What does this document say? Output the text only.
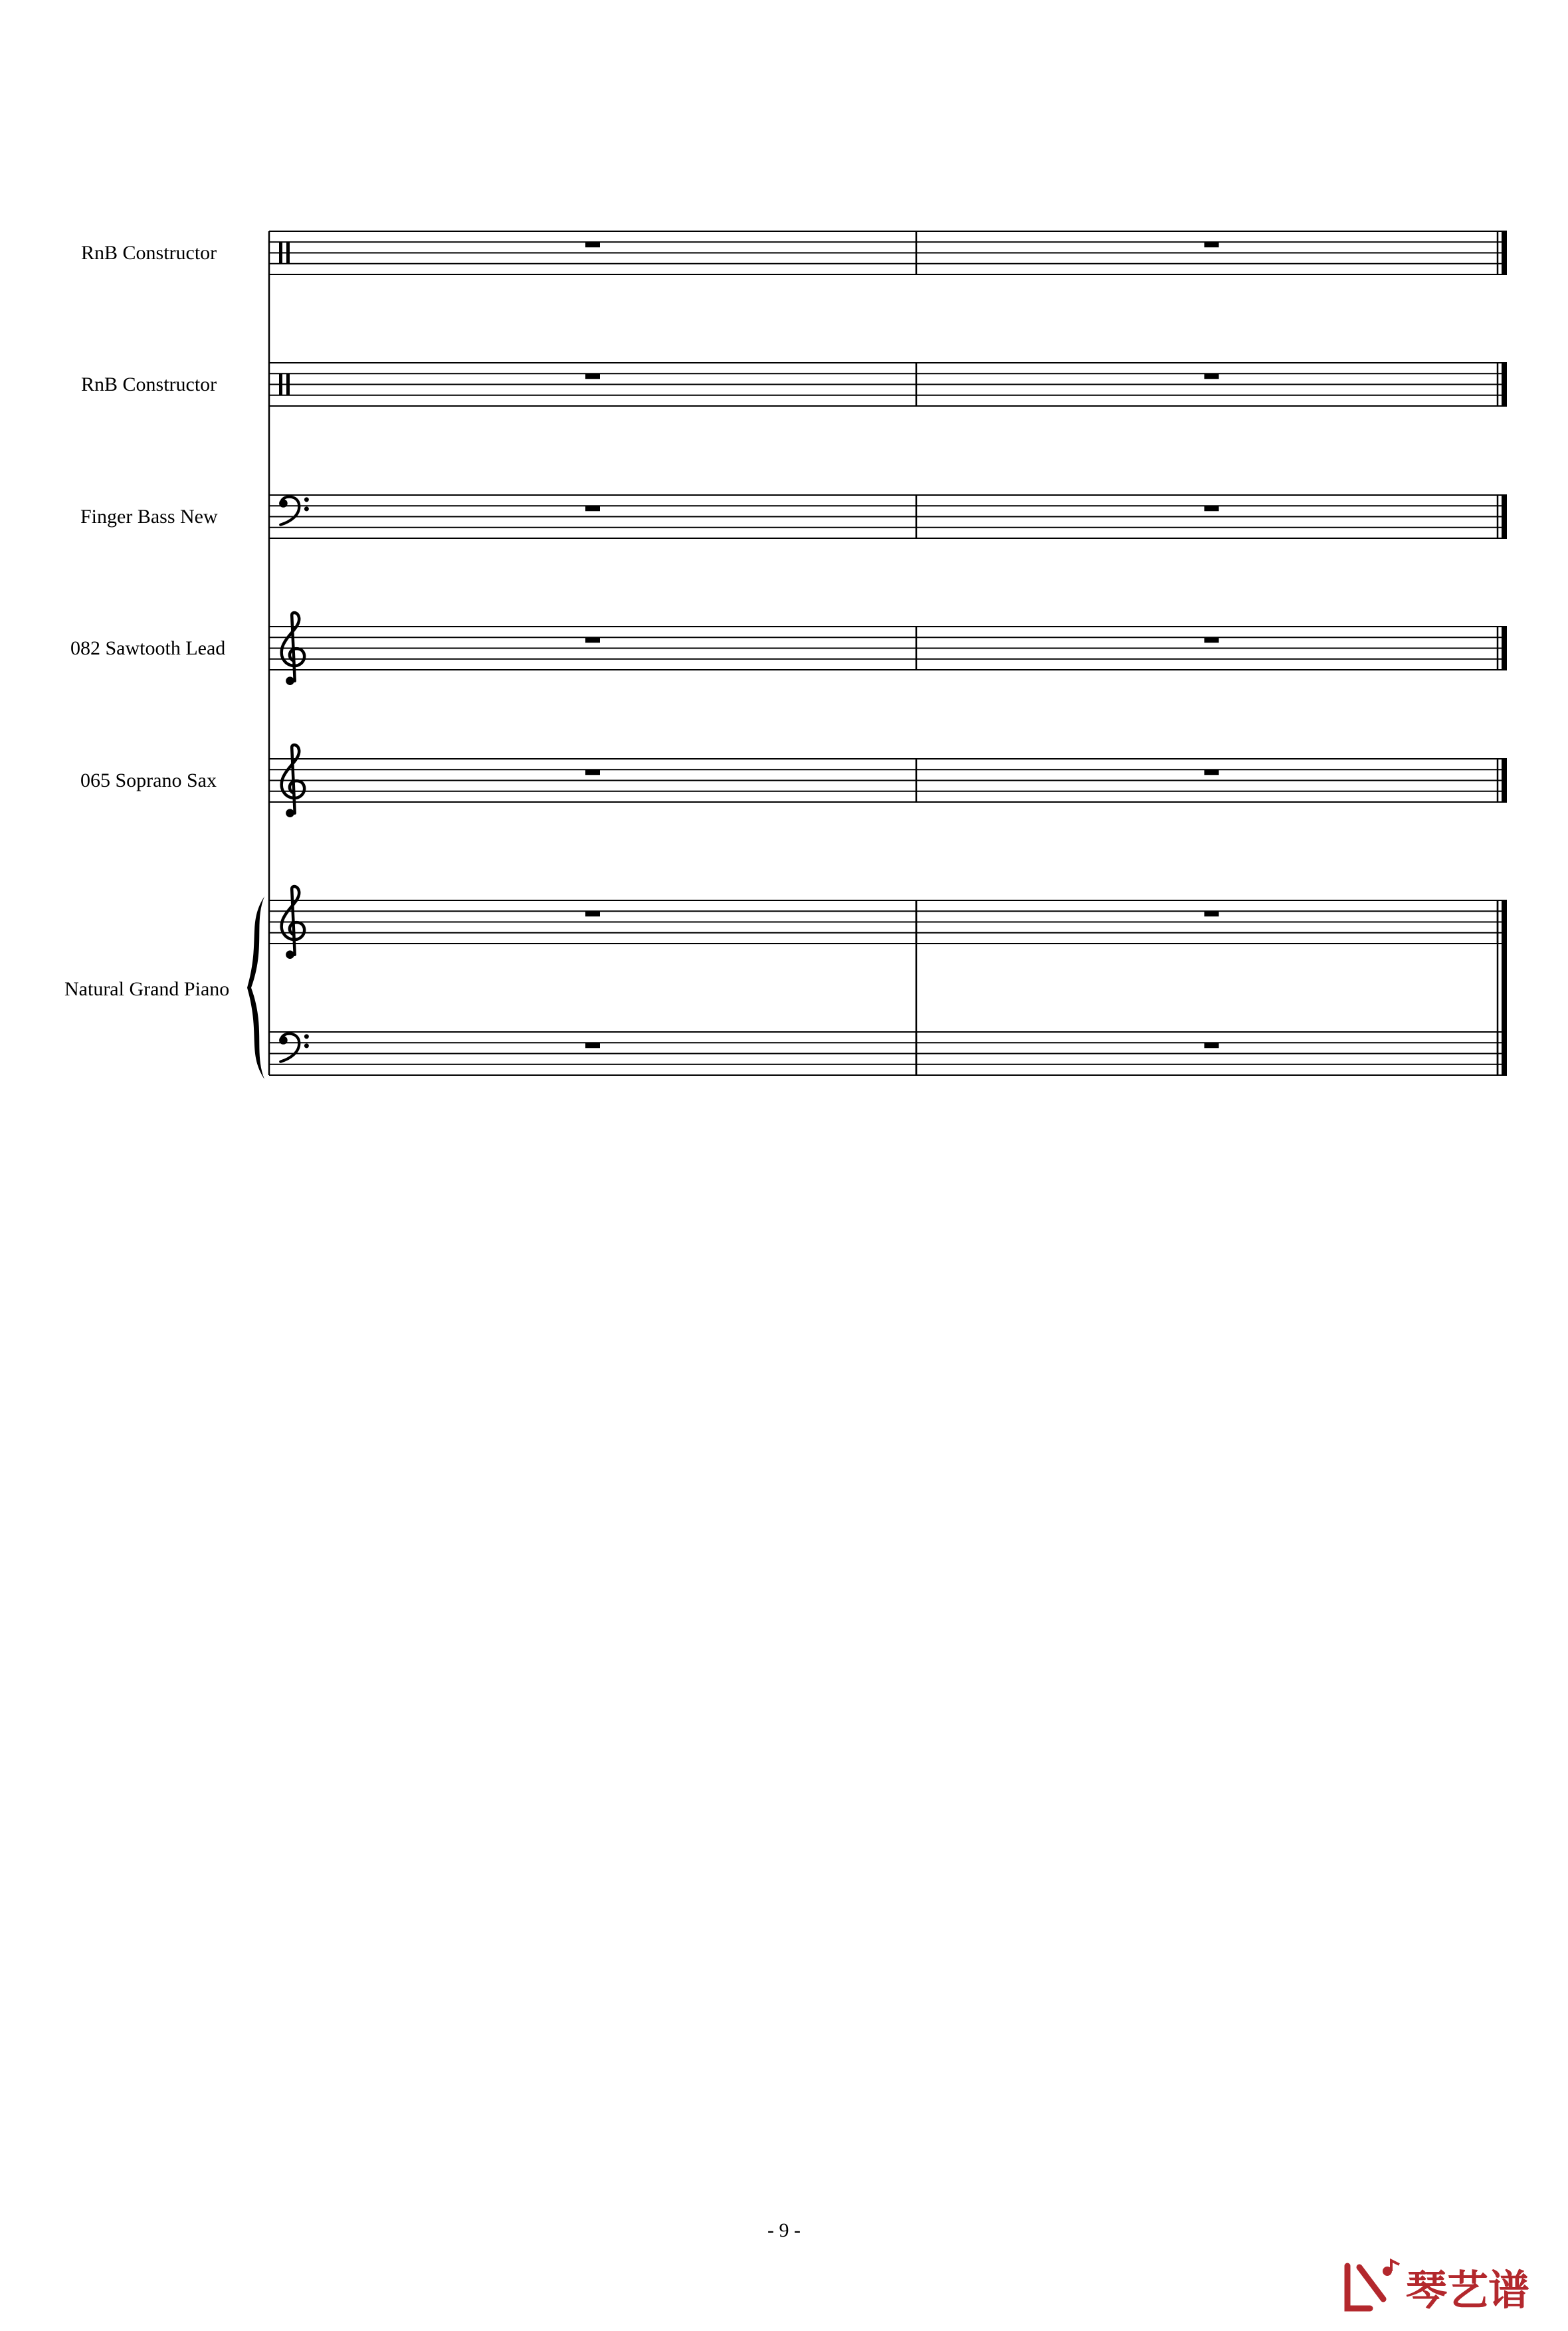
RnB Constructor
RnB Constructor
Finger Bass New
082 Sawtooth Lead
065 Soprano Sax
Natural Grand Piano
- 9 -
琴艺谱
